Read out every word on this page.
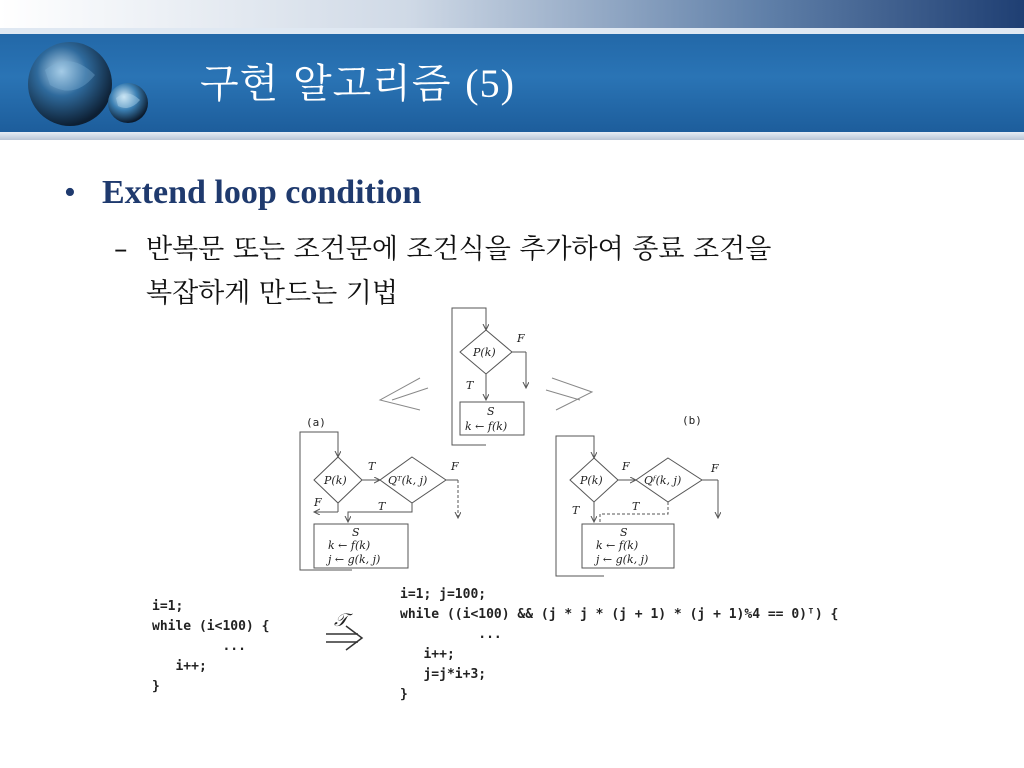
구현 알고리즘 (5)
• Extend loop condition
– 반복문 또는 조건문에 조건식을 추가하여 종료 조건을
복잡하게 만드는 기법
P(k)
F
T
S
k ← f(k)
(a)	(b)
P(k)
T
Qᵀ(k, j)
F
F	T
S
k ← f(k)
j ← g(k, j)
P(k)
F
Qᶠ(k, j)
F
T	T
S
k ← f(k)
j ← g(k, j)
𝒯
i=1;
while (i<100) {
...
i++;
}
i=1; j=100;
while ((i<100) && (j * j * (j + 1) * (j + 1)%4 == 0)ᵀ) {
...
i++;
j=j*i+3;
}
